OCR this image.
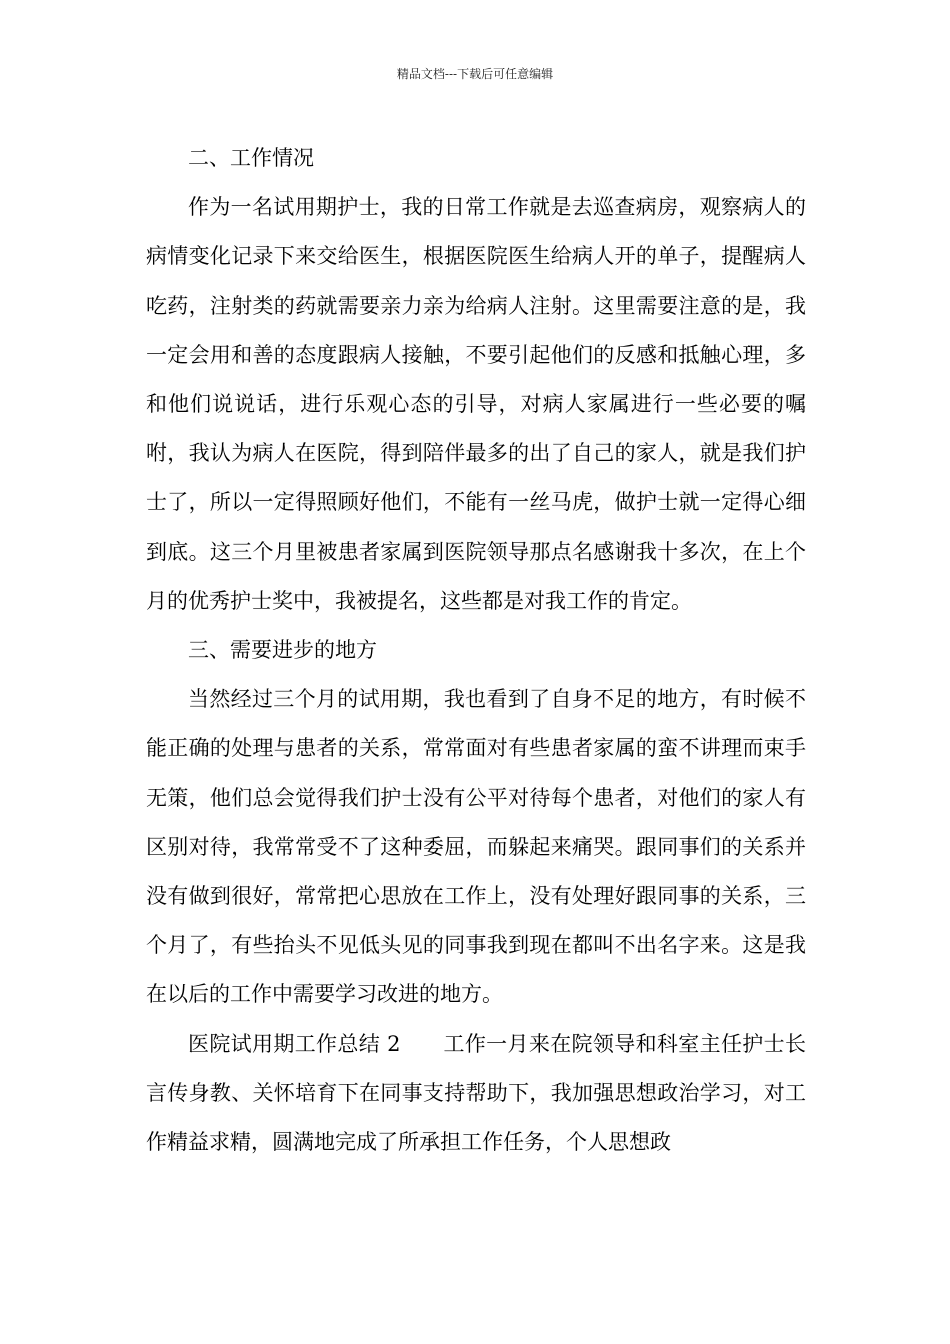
精品文档---下载后可任意编辑

二、工作情况

作为一名试用期护士，我的日常工作就是去巡查病房，观察病人的病情变化记录下来交给医生，根据医院医生给病人开的单子，提醒病人吃药，注射类的药就需要亲力亲为给病人注射。这里需要注意的是，我一定会用和善的态度跟病人接触，不要引起他们的反感和抵触心理，多和他们说说话，进行乐观心态的引导，对病人家属进行一些必要的嘱咐，我认为病人在医院，得到陪伴最多的出了自己的家人，就是我们护士了，所以一定得照顾好他们，不能有一丝马虎，做护士就一定得心细到底。这三个月里被患者家属到医院领导那点名感谢我十多次，在上个月的优秀护士奖中，我被提名，这些都是对我工作的肯定。

三、需要进步的地方

当然经过三个月的试用期，我也看到了自身不足的地方，有时候不能正确的处理与患者的关系，常常面对有些患者家属的蛮不讲理而束手无策，他们总会觉得我们护士没有公平对待每个患者，对他们的家人有区别对待，我常常受不了这种委屈，而躲起来痛哭。跟同事们的关系并没有做到很好，常常把心思放在工作上，没有处理好跟同事的关系，三个月了，有些抬头不见低头见的同事我到现在都叫不出名字来。这是我在以后的工作中需要学习改进的地方。

医院试用期工作总结 2　　工作一月来在院领导和科室主任护士长言传身教、关怀培育下在同事支持帮助下，我加强思想政治学习，对工作精益求精，圆满地完成了所承担工作任务，个人思想政
